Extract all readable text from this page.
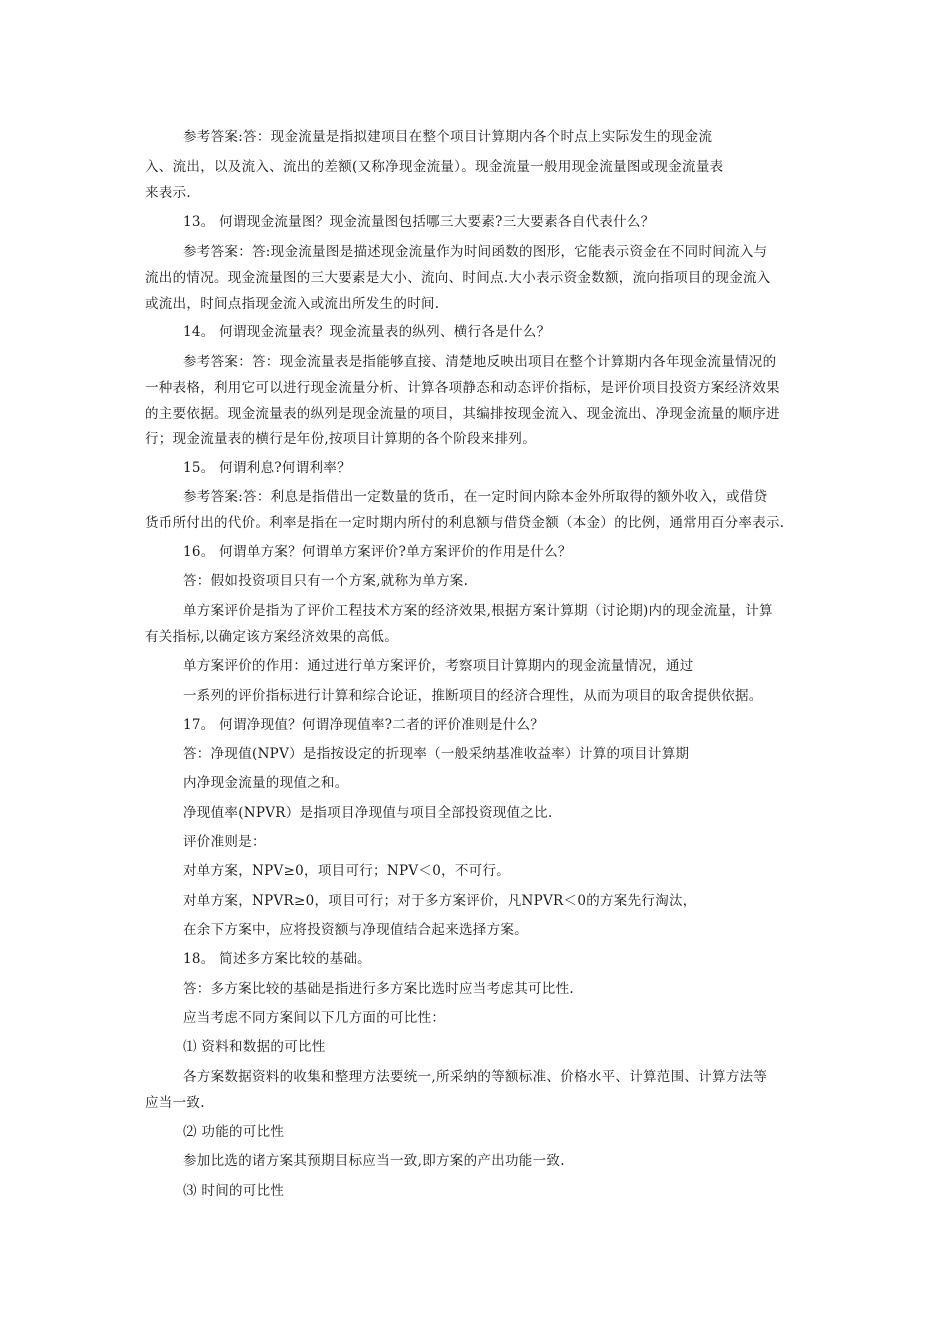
参考答案:答：现金流量是指拟建项目在整个项目计算期内各个时点上实际发生的现金流
入、流出，以及流入、流出的差额(又称净现金流量）。现金流量一般用现金流量图或现金流量表
来表示.
13。 何谓现金流量图？现金流量图包括哪三大要素?三大要素各自代表什么？
参考答案：答:现金流量图是描述现金流量作为时间函数的图形，它能表示资金在不同时间流入与
流出的情况。现金流量图的三大要素是大小、流向、时间点.大小表示资金数额，流向指项目的现金流入
或流出，时间点指现金流入或流出所发生的时间.
14。 何谓现金流量表？现金流量表的纵列、横行各是什么？
参考答案：答：现金流量表是指能够直接、清楚地反映出项目在整个计算期内各年现金流量情况的
一种表格，利用它可以进行现金流量分析、计算各项静态和动态评价指标，是评价项目投资方案经济效果
的主要依据。现金流量表的纵列是现金流量的项目，其编排按现金流入、现金流出、净现金流量的顺序进
行；现金流量表的横行是年份,按项目计算期的各个阶段来排列。
15。 何谓利息?何谓利率？
参考答案:答：利息是指借出一定数量的货币，在一定时间内除本金外所取得的额外收入，或借贷
货币所付出的代价。利率是指在一定时期内所付的利息额与借贷金额（本金）的比例，通常用百分率表示.
16。 何谓单方案？何谓单方案评价?单方案评价的作用是什么？
答：假如投资项目只有一个方案,就称为单方案.
单方案评价是指为了评价工程技术方案的经济效果,根据方案计算期（讨论期)内的现金流量，计算
有关指标,以确定该方案经济效果的高低。
单方案评价的作用：通过进行单方案评价，考察项目计算期内的现金流量情况，通过
一系列的评价指标进行计算和综合论证，推断项目的经济合理性，从而为项目的取舍提供依据。
17。 何谓净现值？何谓净现值率?二者的评价准则是什么？
答：净现值(NPV）是指按设定的折现率（一般采纳基准收益率）计算的项目计算期
内净现金流量的现值之和。
净现值率(NPVR）是指项目净现值与项目全部投资现值之比.
评价准则是：
对单方案，NPV≥0，项目可行；NPV＜0，不可行。
对单方案，NPVR≥0，项目可行；对于多方案评价，凡NPVR＜0的方案先行淘汰，
在余下方案中，应将投资额与净现值结合起来选择方案。
18。 简述多方案比较的基础。
答：多方案比较的基础是指进行多方案比选时应当考虑其可比性.
应当考虑不同方案间以下几方面的可比性：
⑴ 资料和数据的可比性
各方案数据资料的收集和整理方法要统一,所采纳的等额标准、价格水平、计算范围、计算方法等
应当一致.
⑵ 功能的可比性
参加比选的诸方案其预期目标应当一致,即方案的产出功能一致.
⑶ 时间的可比性
